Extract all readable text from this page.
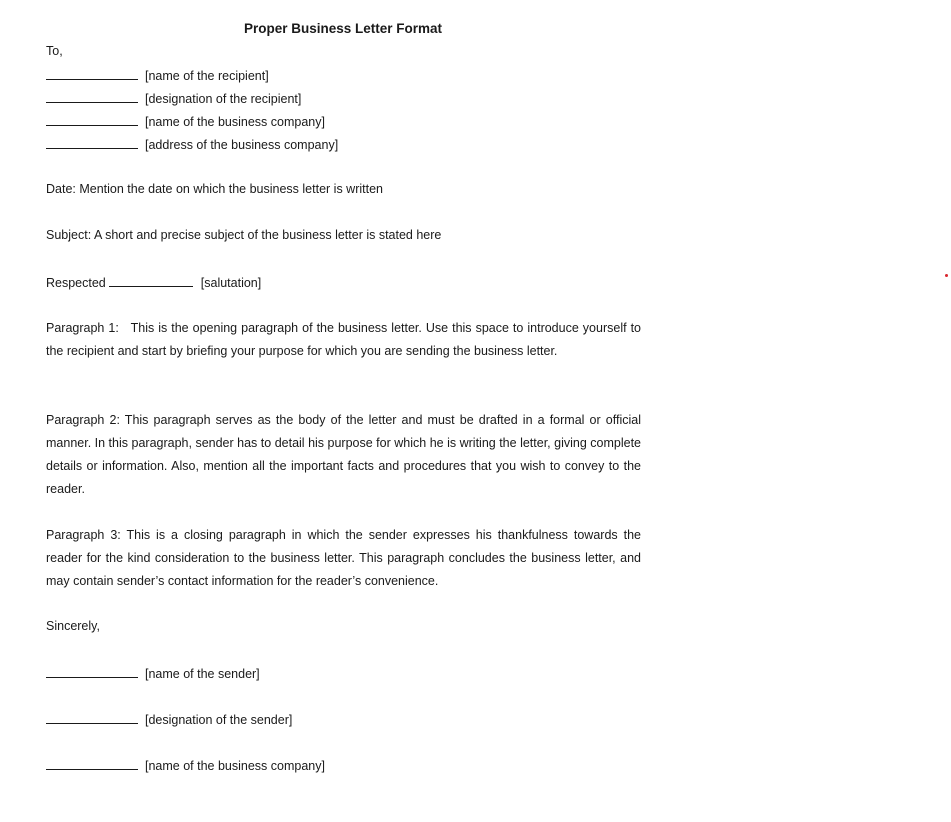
Proper Business Letter Format
To,
[name of the recipient]
[designation of the recipient]
[name of the business company]
[address of the business company]
Date: Mention the date on which the business letter is written
Subject: A short and precise subject of the business letter is stated here
Respected	[salutation]
Paragraph 1:   This is the opening paragraph of the business letter. Use this space to introduce yourself to the recipient and start by briefing your purpose for which you are sending the business letter.
Paragraph 2: This paragraph serves as the body of the letter and must be drafted in a formal or official manner. In this paragraph, sender has to detail his purpose for which he is writing the letter, giving complete details or information. Also, mention all the important facts and procedures that you wish to convey to the reader.
Paragraph 3: This is a closing paragraph in which the sender expresses his thankfulness towards the reader for the kind consideration to the business letter. This paragraph concludes the business letter, and may contain sender’s contact information for the reader’s convenience.
Sincerely,
[name of the sender]
[designation of the sender]
[name of the business company]
